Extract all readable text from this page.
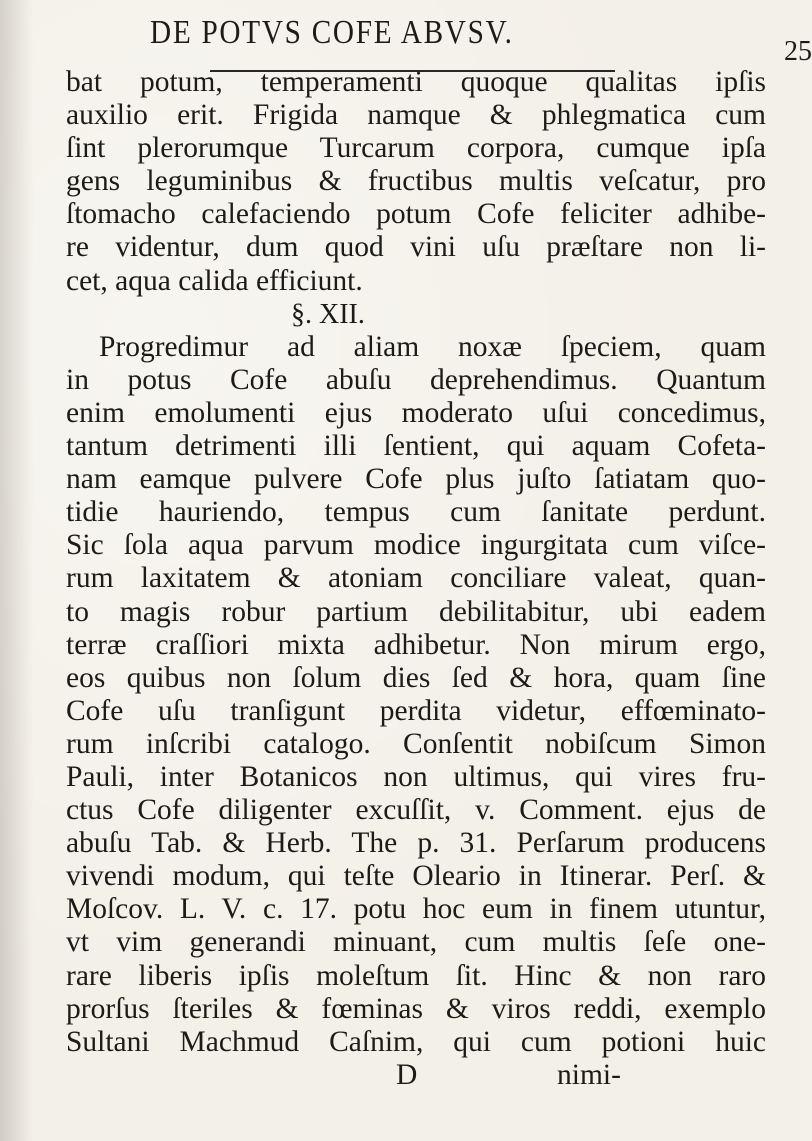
DE POTVS COFE ABVSV.
25
bat potum, temperamenti quoque qualitas ipſis
auxilio erit. Frigida namque & phlegmatica cum
ſint plerorumque Turcarum corpora, cumque ipſa
gens leguminibus & fructibus multis veſcatur, pro
ſtomacho calefaciendo potum Cofe feliciter adhibe-
re videntur, dum quod vini uſu præſtare non li-
cet, aqua calida efficiunt.
§. XII.
Progredimur ad aliam noxæ ſpeciem, quam
in potus Cofe abuſu deprehendimus. Quantum
enim emolumenti ejus moderato uſui concedimus,
tantum detrimenti illi ſentient, qui aquam Cofeta-
nam eamque pulvere Cofe plus juſto ſatiatam quo-
tidie hauriendo, tempus cum ſanitate perdunt.
Sic ſola aqua parvum modice ingurgitata cum viſce-
rum laxitatem & atoniam conciliare valeat, quan-
to magis robur partium debilitabitur, ubi eadem
terræ craſſiori mixta adhibetur. Non mirum ergo,
eos quibus non ſolum dies ſed & hora, quam ſine
Cofe uſu tranſigunt perdita videtur, effœminato-
rum inſcribi catalogo. Conſentit nobiſcum Simon
Pauli, inter Botanicos non ultimus, qui vires fru-
ctus Cofe diligenter excuſſit, v. Comment. ejus de
abuſu Tab. & Herb. The p. 31. Perſarum producens
vivendi modum, qui teſte Oleario in Itinerar. Perſ. &
Moſcov. L. V. c. 17. potu hoc eum in finem utuntur,
vt vim generandi minuant, cum multis ſeſe one-
rare liberis ipſis moleſtum ſit. Hinc & non raro
prorſus ſteriles & fœminas & viros reddi, exemplo
Sultani Machmud Caſnim, qui cum potioni huic
D	nimi-
